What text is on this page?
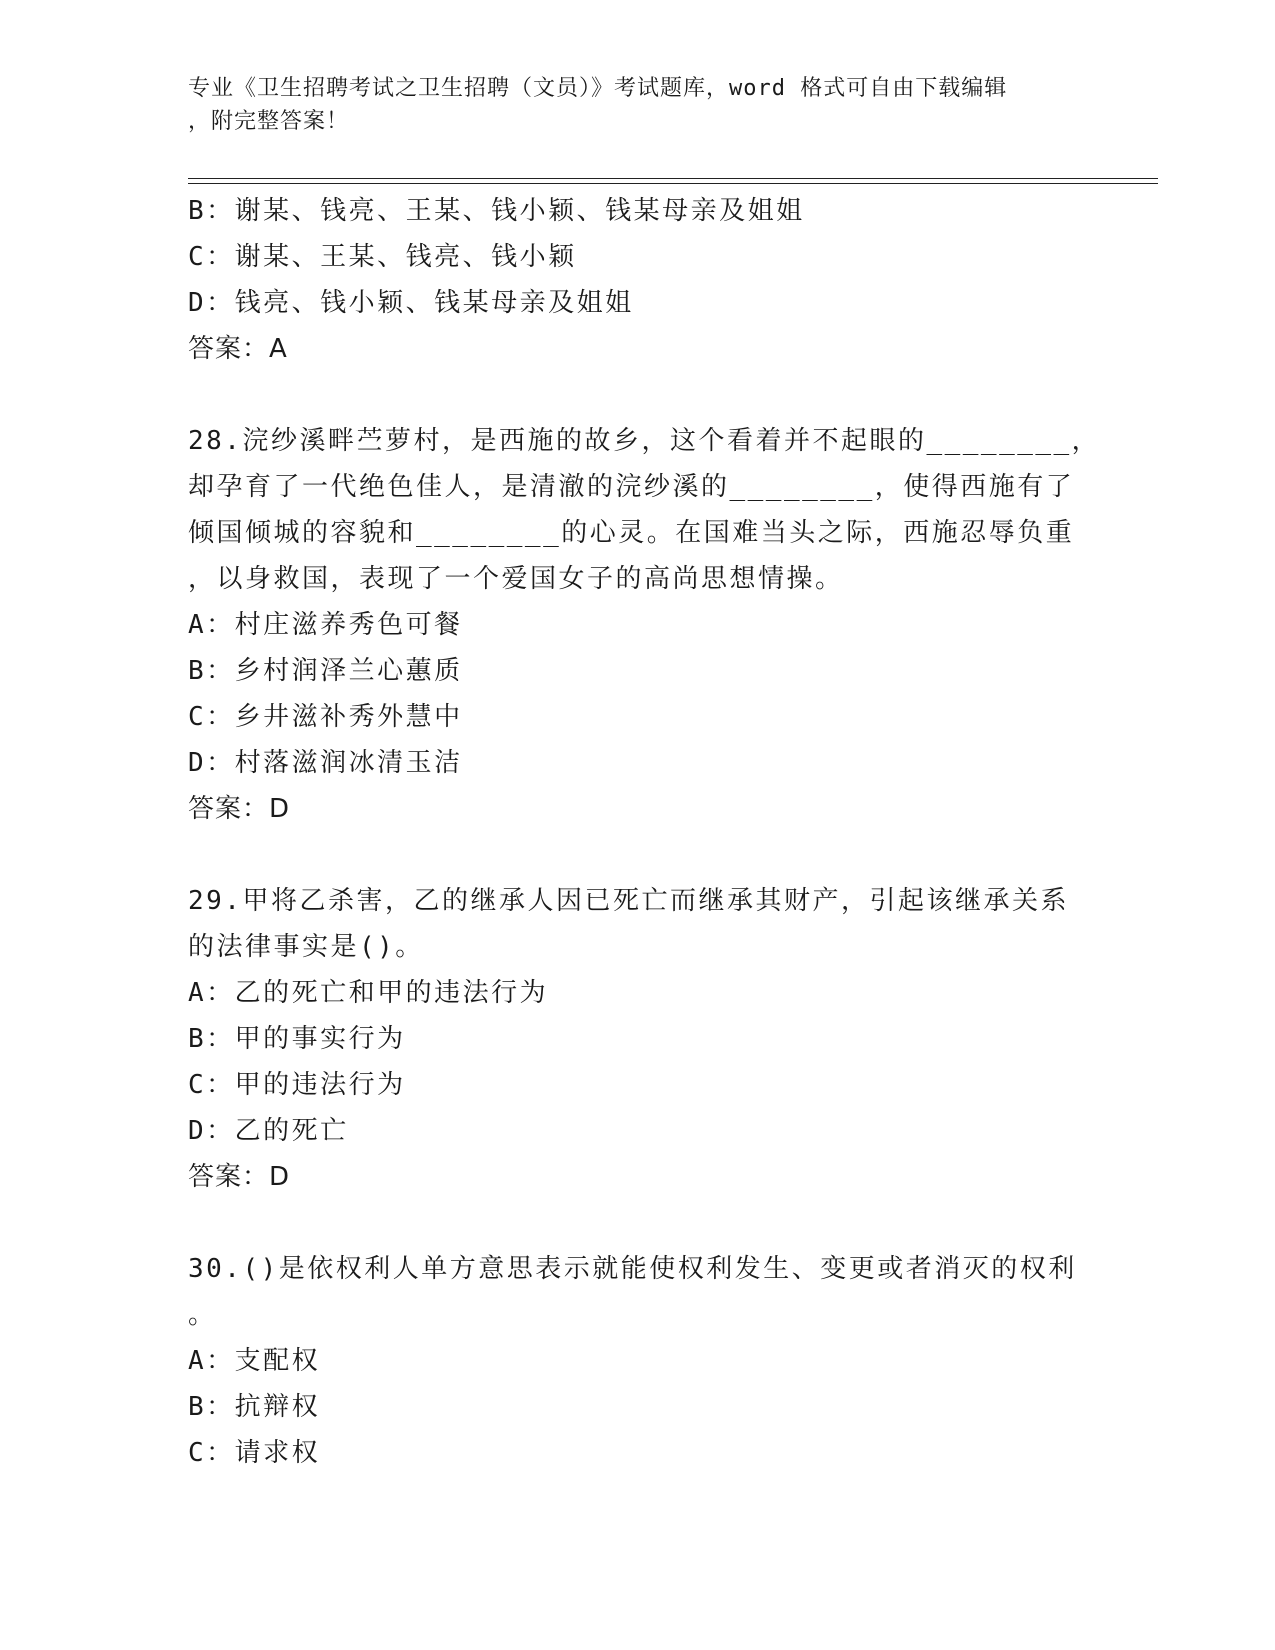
专业《卫生招聘考试之卫生招聘（文员）》考试题库，word 格式可自由下载编辑
，附完整答案！
B：谢某、钱亮、王某、钱小颖、钱某母亲及姐姐
C：谢某、王某、钱亮、钱小颖
D：钱亮、钱小颖、钱某母亲及姐姐
答案：A
28.浣纱溪畔苎萝村，是西施的故乡，这个看着并不起眼的________，
却孕育了一代绝色佳人，是清澈的浣纱溪的________，使得西施有了
倾国倾城的容貌和________的心灵。在国难当头之际，西施忍辱负重
，以身救国，表现了一个爱国女子的高尚思想情操。
A：村庄滋养秀色可餐
B：乡村润泽兰心蕙质
C：乡井滋补秀外慧中
D：村落滋润冰清玉洁
答案：D
29.甲将乙杀害，乙的继承人因已死亡而继承其财产，引起该继承关系
的法律事实是()。
A：乙的死亡和甲的违法行为
B：甲的事实行为
C：甲的违法行为
D：乙的死亡
答案：D
30.()是依权利人单方意思表示就能使权利发生、变更或者消灭的权利
。
A：支配权
B：抗辩权
C：请求权
